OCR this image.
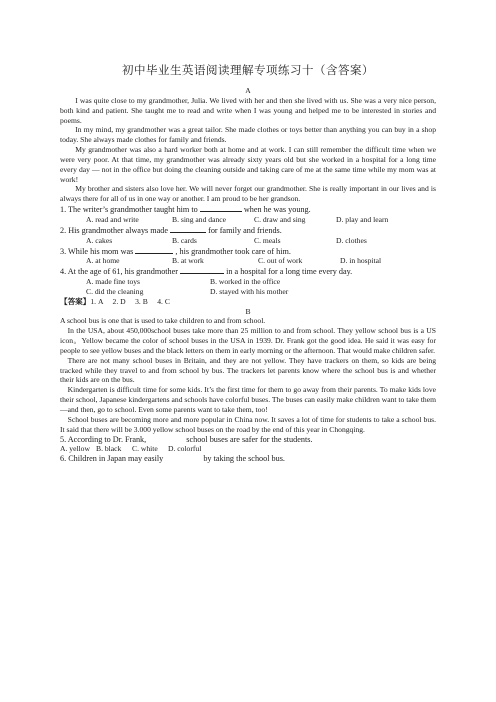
初中毕业生英语阅读理解专项练习十（含答案）

A

I was quite close to my grandmother, Julia. We lived with her and then she lived with us. She was a very nice person, both kind and patient. She taught me to read and write when I was young and helped me to be interested in stories and poems.

In my mind, my grandmother was a great tailor. She made clothes or toys better than anything you can buy in a shop today. She always made clothes for family and friends.

My grandmother was also a hard worker both at home and at work. I can still remember the difficult time when we were very poor. At that time, my grandmother was already sixty years old but she worked in a hospital for a long time every day — not in the office but doing the cleaning outside and taking care of me at the same time while my mom was at work!

My brother and sisters also love her. We will never forget our grandmother. She is really important in our lives and is always there for all of us in one way or another. I am proud to be her grandson.

1. The writer’s grandmother taught him to	when he was young.

A. read and write	B. sing and dance	C. draw and sing	D. play and learn

2. His grandmother always made	for family and friends.

A. cakes	B. cards	C. meals	D. clothes

3. While his mom was	, his grandmother took care of him.

A. at home	B. at work	C. out of work	D. in hospital

4. At the age of 61, his grandmother	in a hospital for a long time every day.

A. made fine toys	B. worked in the office
C. did the cleaning	D. stayed with his mother

【答案】1. A     2. D     3. B     4. C

B

A school bus is one that is used to take children to and from school.

In the USA, about 450,000school buses take more than 25 million to and from school. They yellow school bus is a US icon。Yellow became the color of school buses in the USA in 1939. Dr. Frank got the good idea. He said it was easy for people to see yellow buses and the black letters on them in early morning or the afternoon. That would make children safer.

There are not many school buses in Britain, and they are not yellow. They have trackers on them, so kids are being tracked while they travel to and from school by bus. The trackers let parents know where the school bus is and whether their kids are on the bus.

Kindergarten is difficult time for some kids. It’s the first time for them to go away from their parents. To make kids love their school, Japanese kindergartens and schools have colorful buses. The buses can easily make children want to take them—and then, go to school. Even some parents want to take them, too!

School buses are becoming more and more popular in China now. It saves a lot of time for students to take a school bus. It said that there will be 3.000 yellow school buses on the road by the end of this year in Chongqing.

5. According to Dr. Frank,	school buses are safer for the students.

A. yellow B. black	C. white	D. colorful

6. Children in Japan may easily	by taking the school bus.
